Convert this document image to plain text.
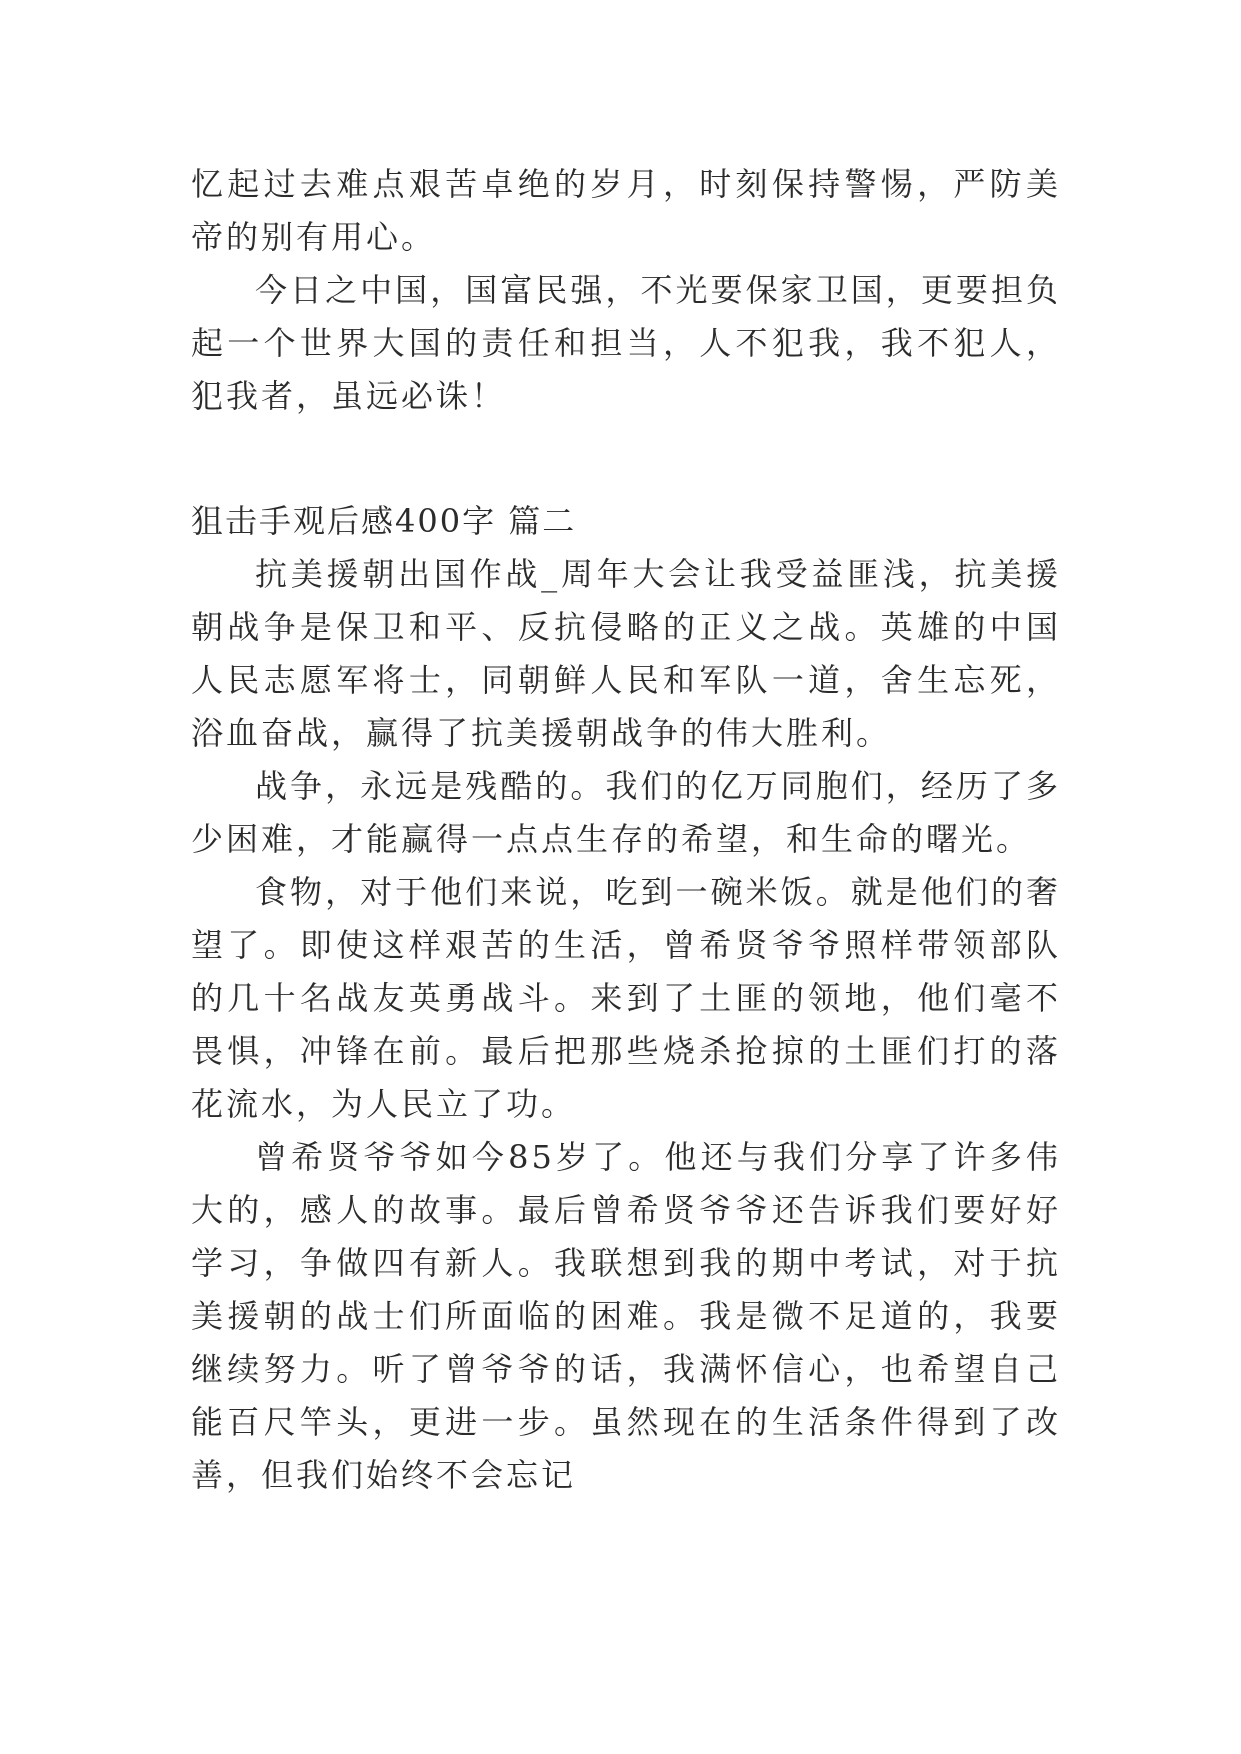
忆起过去难点艰苦卓绝的岁月，时刻保持警惕，严防美帝的别有用心。

今日之中国，国富民强，不光要保家卫国，更要担负起一个世界大国的责任和担当，人不犯我，我不犯人，犯我者，虽远必诛！

狙击手观后感400字 篇二

抗美援朝出国作战_周年大会让我受益匪浅，抗美援朝战争是保卫和平、反抗侵略的正义之战。英雄的中国人民志愿军将士，同朝鲜人民和军队一道，舍生忘死，浴血奋战，赢得了抗美援朝战争的伟大胜利。

战争，永远是残酷的。我们的亿万同胞们，经历了多少困难，才能赢得一点点生存的希望，和生命的曙光。

食物，对于他们来说，吃到一碗米饭。就是他们的奢望了。即使这样艰苦的生活，曾希贤爷爷照样带领部队的几十名战友英勇战斗。来到了土匪的领地，他们毫不畏惧，冲锋在前。最后把那些烧杀抢掠的土匪们打的落花流水，为人民立了功。

曾希贤爷爷如今85岁了。他还与我们分享了许多伟大的，感人的故事。最后曾希贤爷爷还告诉我们要好好学习，争做四有新人。我联想到我的期中考试，对于抗美援朝的战士们所面临的困难。我是微不足道的，我要继续努力。听了曾爷爷的话，我满怀信心，也希望自己能百尺竿头，更进一步。虽然现在的生活条件得到了改善，但我们始终不会忘记
